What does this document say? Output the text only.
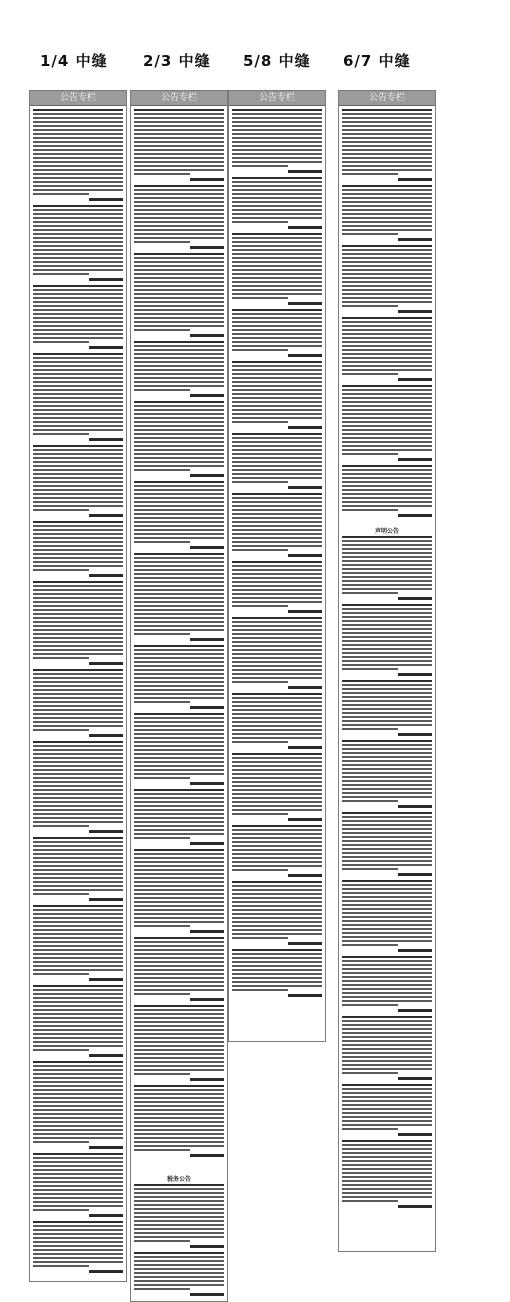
1/4 中缝 2/3 中缝 5/8 中缝 6/7 中缝
公告专栏	公告专栏
税务公告
公告专栏	公告专栏
声明公告
